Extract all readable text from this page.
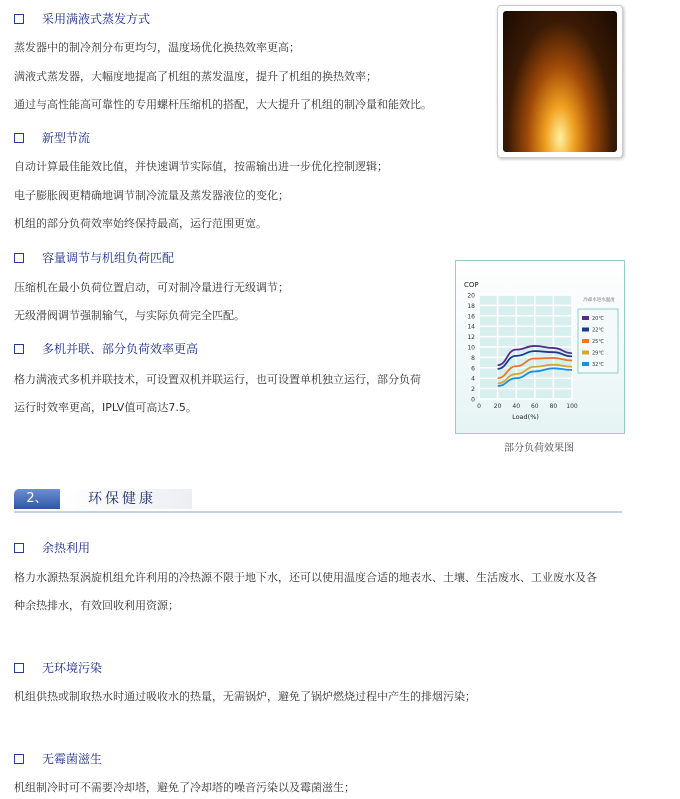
采用满液式蒸发方式
蒸发器中的制冷剂分布更均匀，温度场优化换热效率更高；
满液式蒸发器，大幅度地提高了机组的蒸发温度，提升了机组的换热效率；
通过与高性能高可靠性的专用螺杆压缩机的搭配，大大提升了机组的制冷量和能效比。
新型节流
自动计算最佳能效比值，并快速调节实际值，按需输出进一步优化控制逻辑；
电子膨胀阀更精确地调节制冷流量及蒸发器液位的变化；
机组的部分负荷效率始终保持最高，运行范围更宽。
容量调节与机组负荷匹配
压缩机在最小负荷位置启动，可对制冷量进行无级调节；
无级滑阀调节强制输气，与实际负荷完全匹配。
多机并联、部分负荷效率更高
格力满液式多机并联技术，可设置双机并联运行，也可设置单机独立运行，部分负荷
运行时效率更高，IPLV值可高达7.5。
余热利用
格力水源热泵涡旋机组允许利用的冷热源不限于地下水，还可以使用温度合适的地表水、土壤、生活废水、工业废水及各
种余热排水，有效回收利用资源；
无环境污染
机组供热或制取热水时通过吸收水的热量，无需锅炉，避免了锅炉燃烧过程中产生的排烟污染；
无霉菌滋生
机组制冷时可不需要冷却塔，避免了冷却塔的噪音污染以及霉菌滋生；
0
2
4
6
8
10
12
14
16
18
20
0 20 40 60 80 100
COP
Load(%)
冷却水进水温度
20℃
22℃
25℃
29℃
32℃
部分负荷效果图
2、	环保健康
